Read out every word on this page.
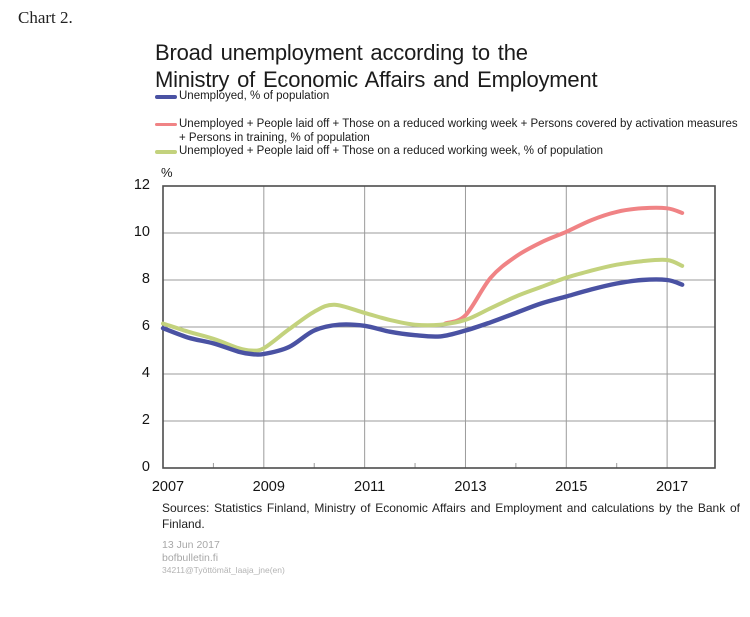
Chart 2.
Broad unemployment according to the
Ministry of Economic Affairs and Employment
Unemployed, % of population
Unemployed + People laid off + Those on a reduced working week + Persons covered by activation measures + Persons in training, % of population
Unemployed + People laid off + Those on a reduced working week, % of population
%
Sources: Statistics Finland, Ministry of Economic Affairs and Employment and calculations by the Bank of Finland.
13 Jun 2017
bofbulletin.fi
34211@Työttömät_laaja_jne(en)
0
2
4
6
8
10
12
2007	2009	2011	2013	2015	2017
